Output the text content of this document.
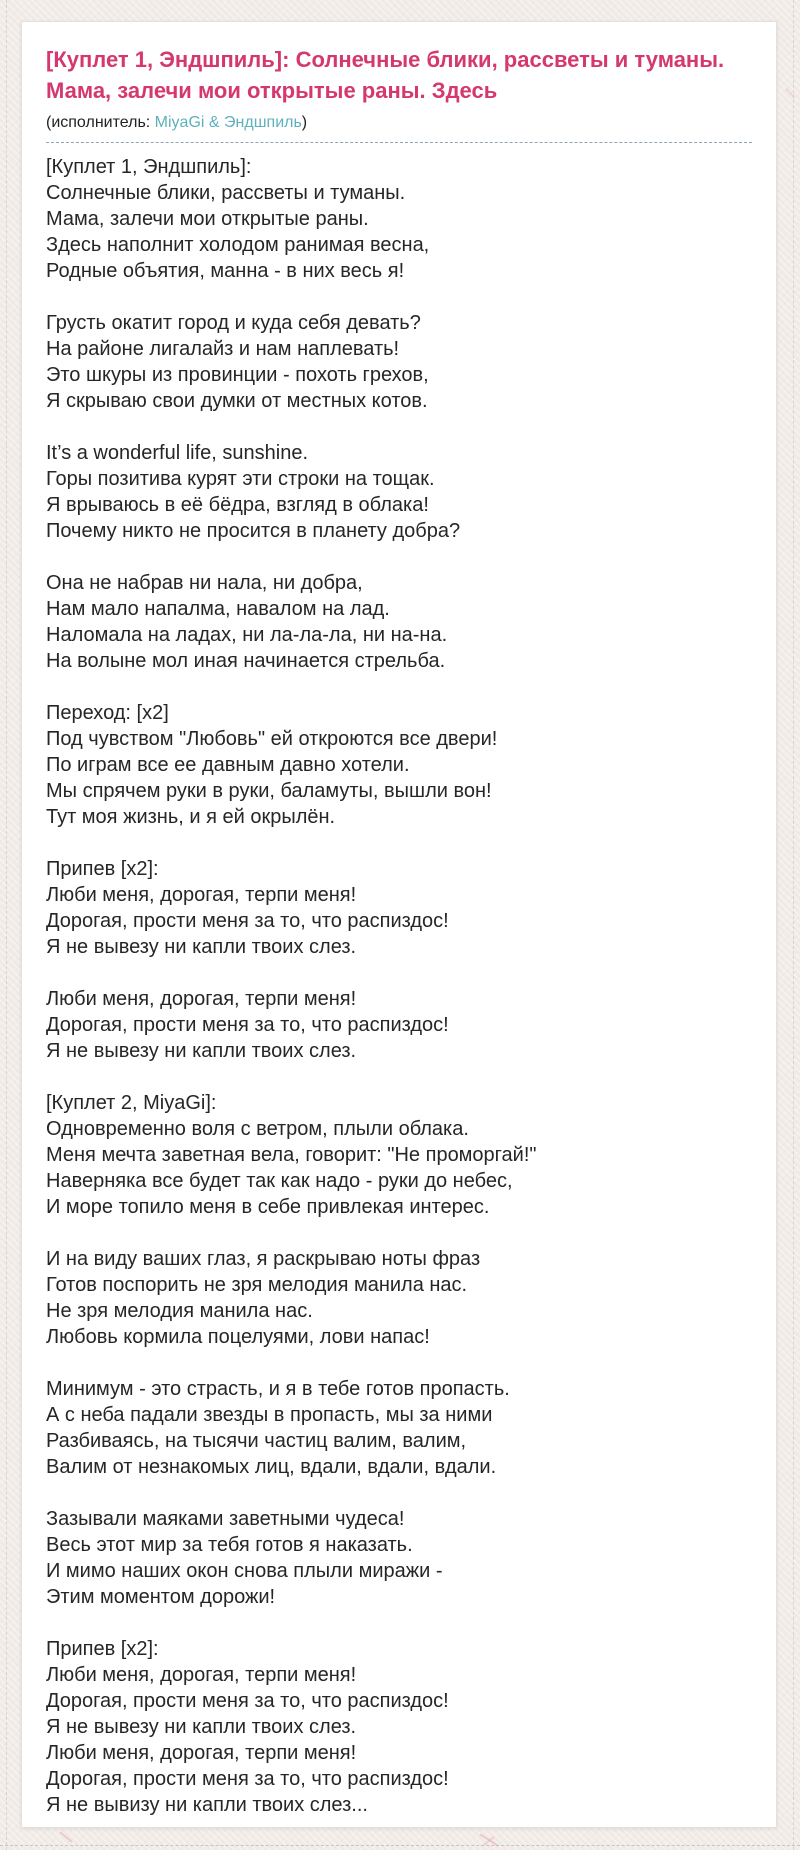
[Куплет 1, Эндшпиль]: Солнечные блики, рассветы и туманы. Мама, залечи мои открытые раны. Здесь
(исполнитель: MiyaGi & Эндшпиль)

[Куплет 1, Эндшпиль]:
Солнечные блики, рассветы и туманы.
Мама, залечи мои открытые раны.
Здесь наполнит холодом ранимая весна,
Родные объятия, манна - в них весь я!

Грусть окатит город и куда себя девать?
На районе лигалайз и нам наплевать!
Это шкуры из провинции - похоть грехов,
Я скрываю свои думки от местных котов.

It’s a wonderful life, sunshine.
Горы позитива курят эти строки на тощак.
Я врываюсь в её бёдра, взгляд в облака!
Почему никто не просится в планету добра?

Она не набрав ни нала, ни добра,
Нам мало напалма, навалом на лад.
Наломала на ладах, ни ла-ла-ла, ни на-на.
На волыне мол иная начинается стрельба.

Переход: [x2]
Под чувством "Любовь" ей откроются все двери!
По играм все ее давным давно хотели.
Мы спрячем руки в руки, баламуты, вышли вон!
Тут моя жизнь, и я ей окрылён.

Припев [x2]:
Люби меня, дорогая, терпи меня!
Дорогая, прости меня за то, что распиздос!
Я не вывезу ни капли твоих слез.

Люби меня, дорогая, терпи меня!
Дорогая, прости меня за то, что распиздос!
Я не вывезу ни капли твоих слез.

[Куплет 2, MiyaGi]:
Одновременно воля с ветром, плыли облака.
Меня мечта заветная вела, говорит: "Не проморгай!"
Наверняка все будет так как надо - руки до небес,
И море топило меня в себе привлекая интерес.

И на виду ваших глаз, я раскрываю ноты фраз
Готов поспорить не зря мелодия манила нас.
Не зря мелодия манила нас.
Любовь кормила поцелуями, лови напас!

Минимум - это страсть, и я в тебе готов пропасть.
А с неба падали звезды в пропасть, мы за ними
Разбиваясь, на тысячи частиц валим, валим,
Валим от незнакомых лиц, вдали, вдали, вдали.

Зазывали маяками заветными чудеса!
Весь этот мир за тебя готов я наказать.
И мимо наших окон снова плыли миражи -
Этим моментом дорожи!

Припев [x2]:
Люби меня, дорогая, терпи меня!
Дорогая, прости меня за то, что распиздос!
Я не вывезу ни капли твоих слез.
Люби меня, дорогая, терпи меня!
Дорогая, прости меня за то, что распиздос!
Я не вывизу ни капли твоих слез...
